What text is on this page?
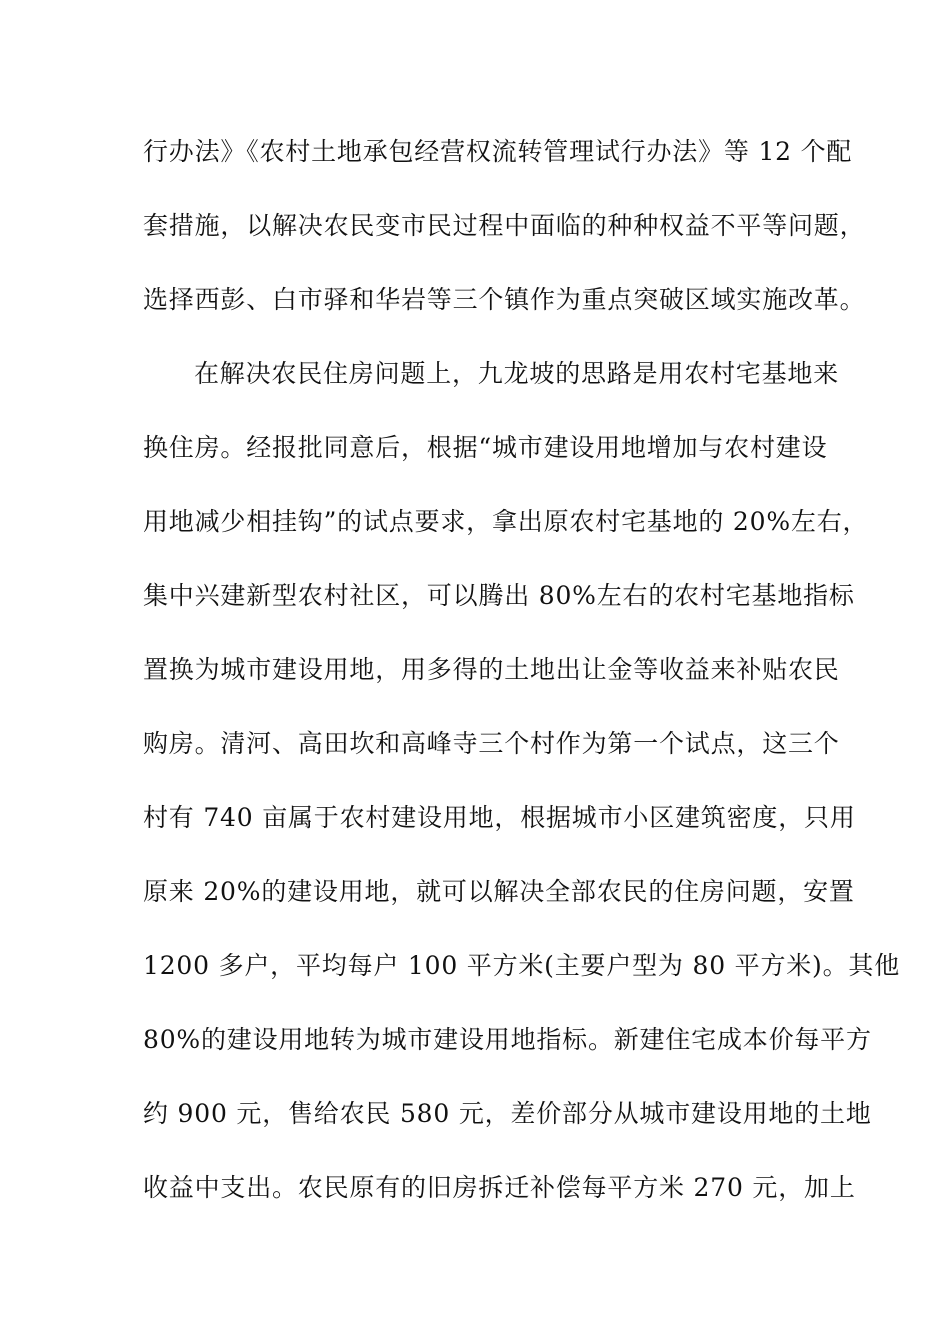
行办法》《农村土地承包经营权流转管理试行办法》等 12 个配
套措施，以解决农民变市民过程中面临的种种权益不平等问题，
选择西彭、白市驿和华岩等三个镇作为重点突破区域实施改革。
在解决农民住房问题上，九龙坡的思路是用农村宅基地来
换住房。经报批同意后，根据“城市建设用地增加与农村建设
用地减少相挂钩”的试点要求，拿出原农村宅基地的 20%左右，
集中兴建新型农村社区，可以腾出 80%左右的农村宅基地指标
置换为城市建设用地，用多得的土地出让金等收益来补贴农民
购房。清河、高田坎和高峰寺三个村作为第一个试点，这三个
村有 740 亩属于农村建设用地，根据城市小区建筑密度，只用
原来 20%的建设用地，就可以解决全部农民的住房问题，安置
1200 多户，平均每户 100 平方米(主要户型为 80 平方米)。其他
80%的建设用地转为城市建设用地指标。新建住宅成本价每平方
约 900 元，售给农民 580 元，差价部分从城市建设用地的土地
收益中支出。农民原有的旧房拆迁补偿每平方米 270 元，加上
